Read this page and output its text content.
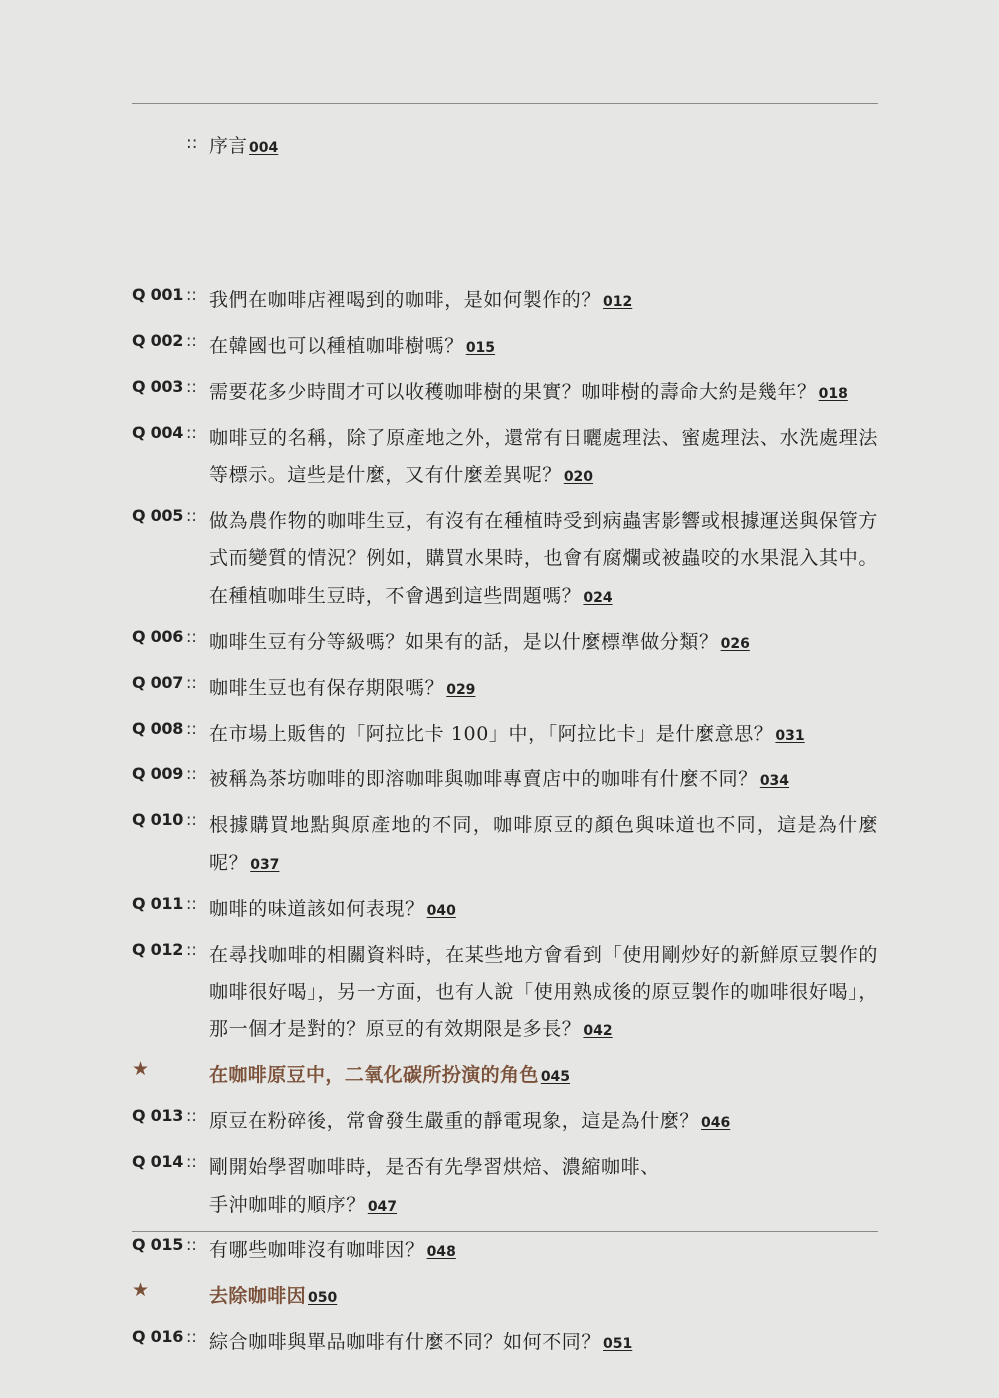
:: 序言 004
Q 001 :: 我們在咖啡店裡喝到的咖啡，是如何製作的？ 012
Q 002 :: 在韓國也可以種植咖啡樹嗎？ 015
Q 003 :: 需要花多少時間才可以收穫咖啡樹的果實？咖啡樹的壽命大約是幾年？ 018
Q 004 :: 咖啡豆的名稱，除了原產地之外，還常有日曬處理法、蜜處理法、水洗處理法等標示。這些是什麼，又有什麼差異呢？ 020
Q 005 :: 做為農作物的咖啡生豆，有沒有在種植時受到病蟲害影響或根據運送與保管方式而變質的情況？例如，購買水果時，也會有腐爛或被蟲咬的水果混入其中。在種植咖啡生豆時，不會遇到這些問題嗎？ 024
Q 006 :: 咖啡生豆有分等級嗎？如果有的話，是以什麼標準做分類？ 026
Q 007 :: 咖啡生豆也有保存期限嗎？ 029
Q 008 :: 在市場上販售的「阿拉比卡 100」中，「阿拉比卡」是什麼意思？ 031
Q 009 :: 被稱為茶坊咖啡的即溶咖啡與咖啡專賣店中的咖啡有什麼不同？ 034
Q 010 :: 根據購買地點與原產地的不同，咖啡原豆的顏色與味道也不同，這是為什麼呢？ 037
Q 011 :: 咖啡的味道該如何表現？ 040
Q 012 :: 在尋找咖啡的相關資料時，在某些地方會看到「使用剛炒好的新鮮原豆製作的咖啡很好喝」，另一方面，也有人說「使用熟成後的原豆製作的咖啡很好喝」，那一個才是對的？原豆的有效期限是多長？ 042
★	在咖啡原豆中，二氧化碳所扮演的角色 045
Q 013 :: 原豆在粉碎後，常會發生嚴重的靜電現象，這是為什麼？ 046
Q 014 :: 剛開始學習咖啡時，是否有先學習烘焙、濃縮咖啡、
手沖咖啡的順序？ 047
Q 015 :: 有哪些咖啡沒有咖啡因？ 048
★	去除咖啡因 050
Q 016 :: 綜合咖啡與單品咖啡有什麼不同？如何不同？ 051
